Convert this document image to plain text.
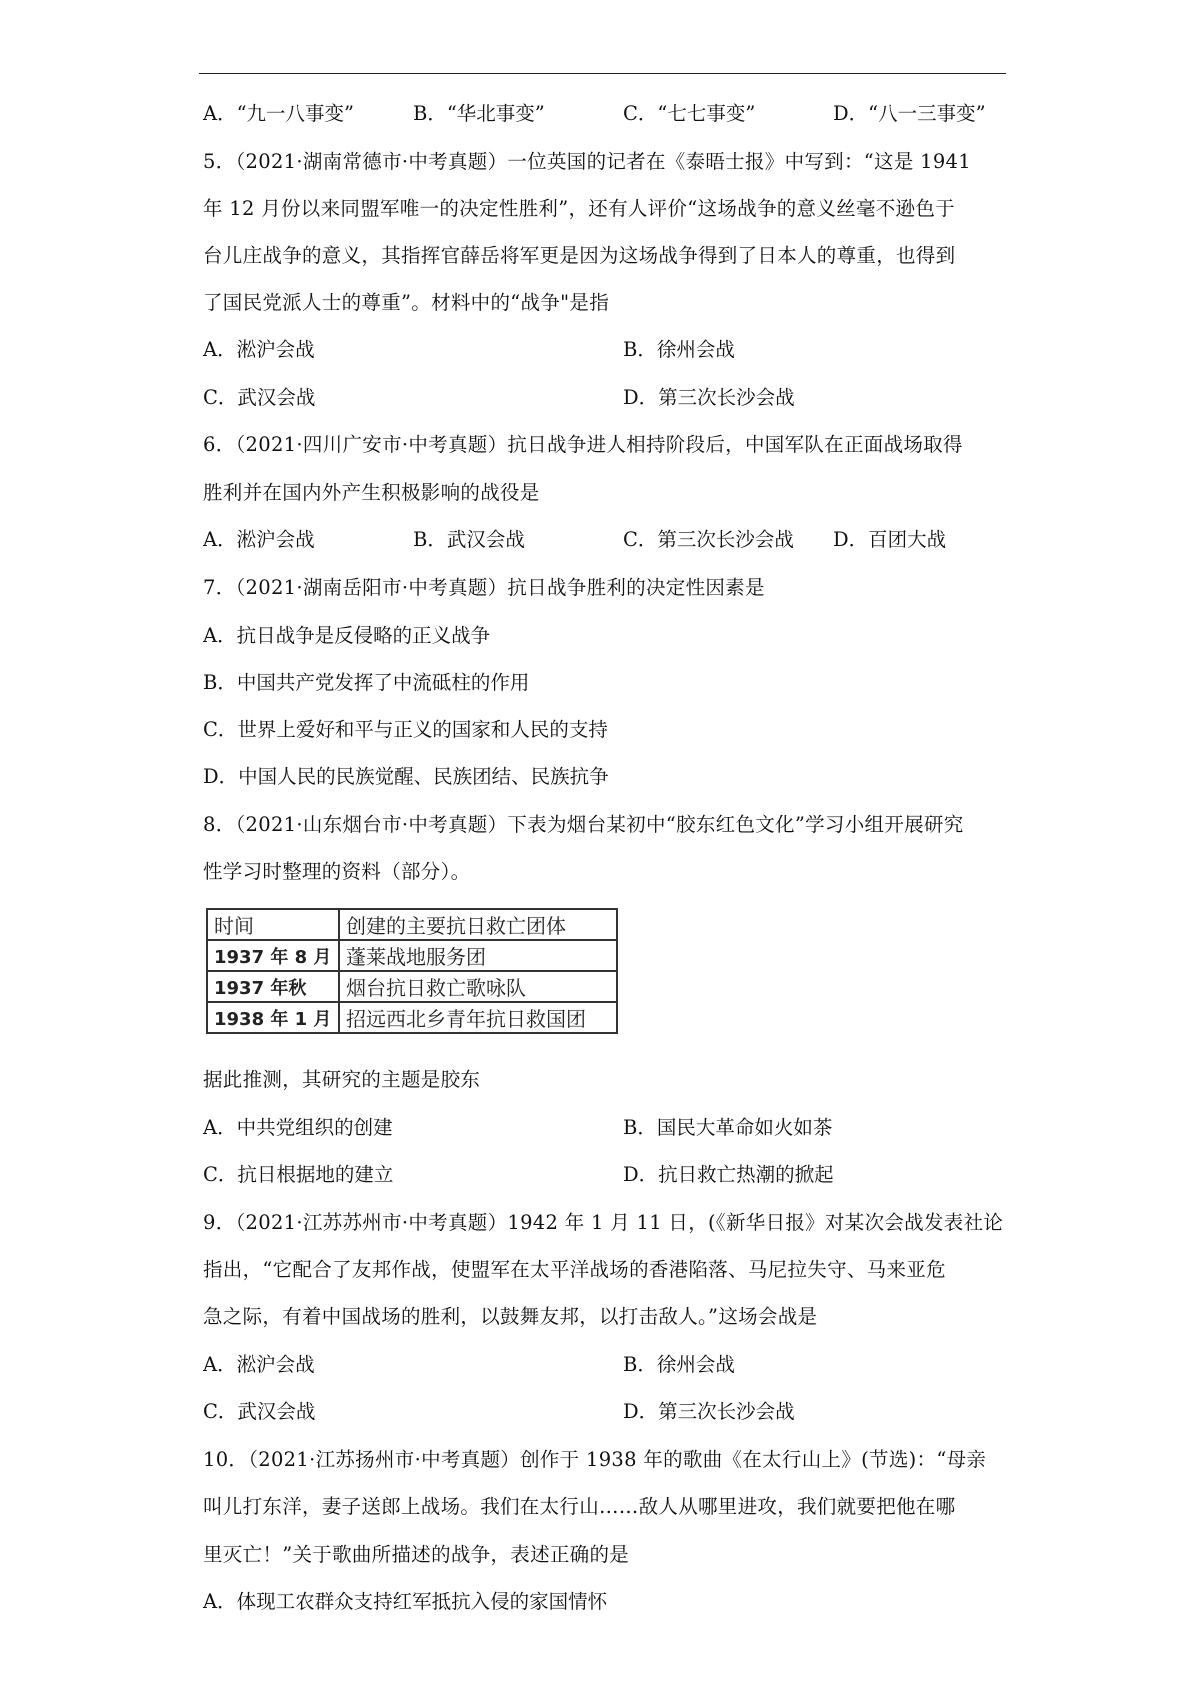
A．“九一八事变”	B．“华北事变”	C．“七七事变”	D．“八一三事变”
5．（2021·湖南常德市·中考真题）一位英国的记者在《泰晤士报》中写到：“这是 1941
年 12 月份以来同盟军唯一的决定性胜利”，还有人评价“这场战争的意义丝毫不逊色于
台儿庄战争的意义，其指挥官薛岳将军更是因为这场战争得到了日本人的尊重，也得到
了国民党派人士的尊重”。材料中的“战争"是指
A．淞沪会战	B．徐州会战
C．武汉会战	D．第三次长沙会战
6．（2021·四川广安市·中考真题）抗日战争进人相持阶段后，中国军队在正面战场取得
胜利并在国内外产生积极影响的战役是
A．淞沪会战	B．武汉会战	C．第三次长沙会战 D．百团大战
7．（2021·湖南岳阳市·中考真题）抗日战争胜利的决定性因素是
A．抗日战争是反侵略的正义战争
B．中国共产党发挥了中流砥柱的作用
C．世界上爱好和平与正义的国家和人民的支持
D．中国人民的民族觉醒、民族团结、民族抗争
8．（2021·山东烟台市·中考真题）下表为烟台某初中“胶东红色文化”学习小组开展研究
性学习时整理的资料（部分）。
时间	创建的主要抗日救亡团体
1937 年 8 月	蓬莱战地服务团
1937 年秋	烟台抗日救亡歌咏队
1938 年 1 月	招远西北乡青年抗日救国团
据此推测，其研究的主题是胶东
A．中共党组织的创建	B．国民大革命如火如茶
C．抗日根据地的建立	D．抗日救亡热潮的掀起
9．（2021·江苏苏州市·中考真题）1942 年 1 月 11 日，(《新华日报》对某次会战发表社论
指出，“它配合了友邦作战，使盟军在太平洋战场的香港陷落、马尼拉失守、马来亚危
急之际，有着中国战场的胜利，以鼓舞友邦，以打击敌人。”这场会战是
A．淞沪会战	B．徐州会战
C．武汉会战	D．第三次长沙会战
10．（2021·江苏扬州市·中考真题）创作于 1938 年的歌曲《在太行山上》(节选)：“母亲
叫儿打东洋，妻子送郎上战场。我们在太行山……敌人从哪里进攻，我们就要把他在哪
里灭亡！”关于歌曲所描述的战争，表述正确的是
A．体现工农群众支持红军抵抗入侵的家国情怀
